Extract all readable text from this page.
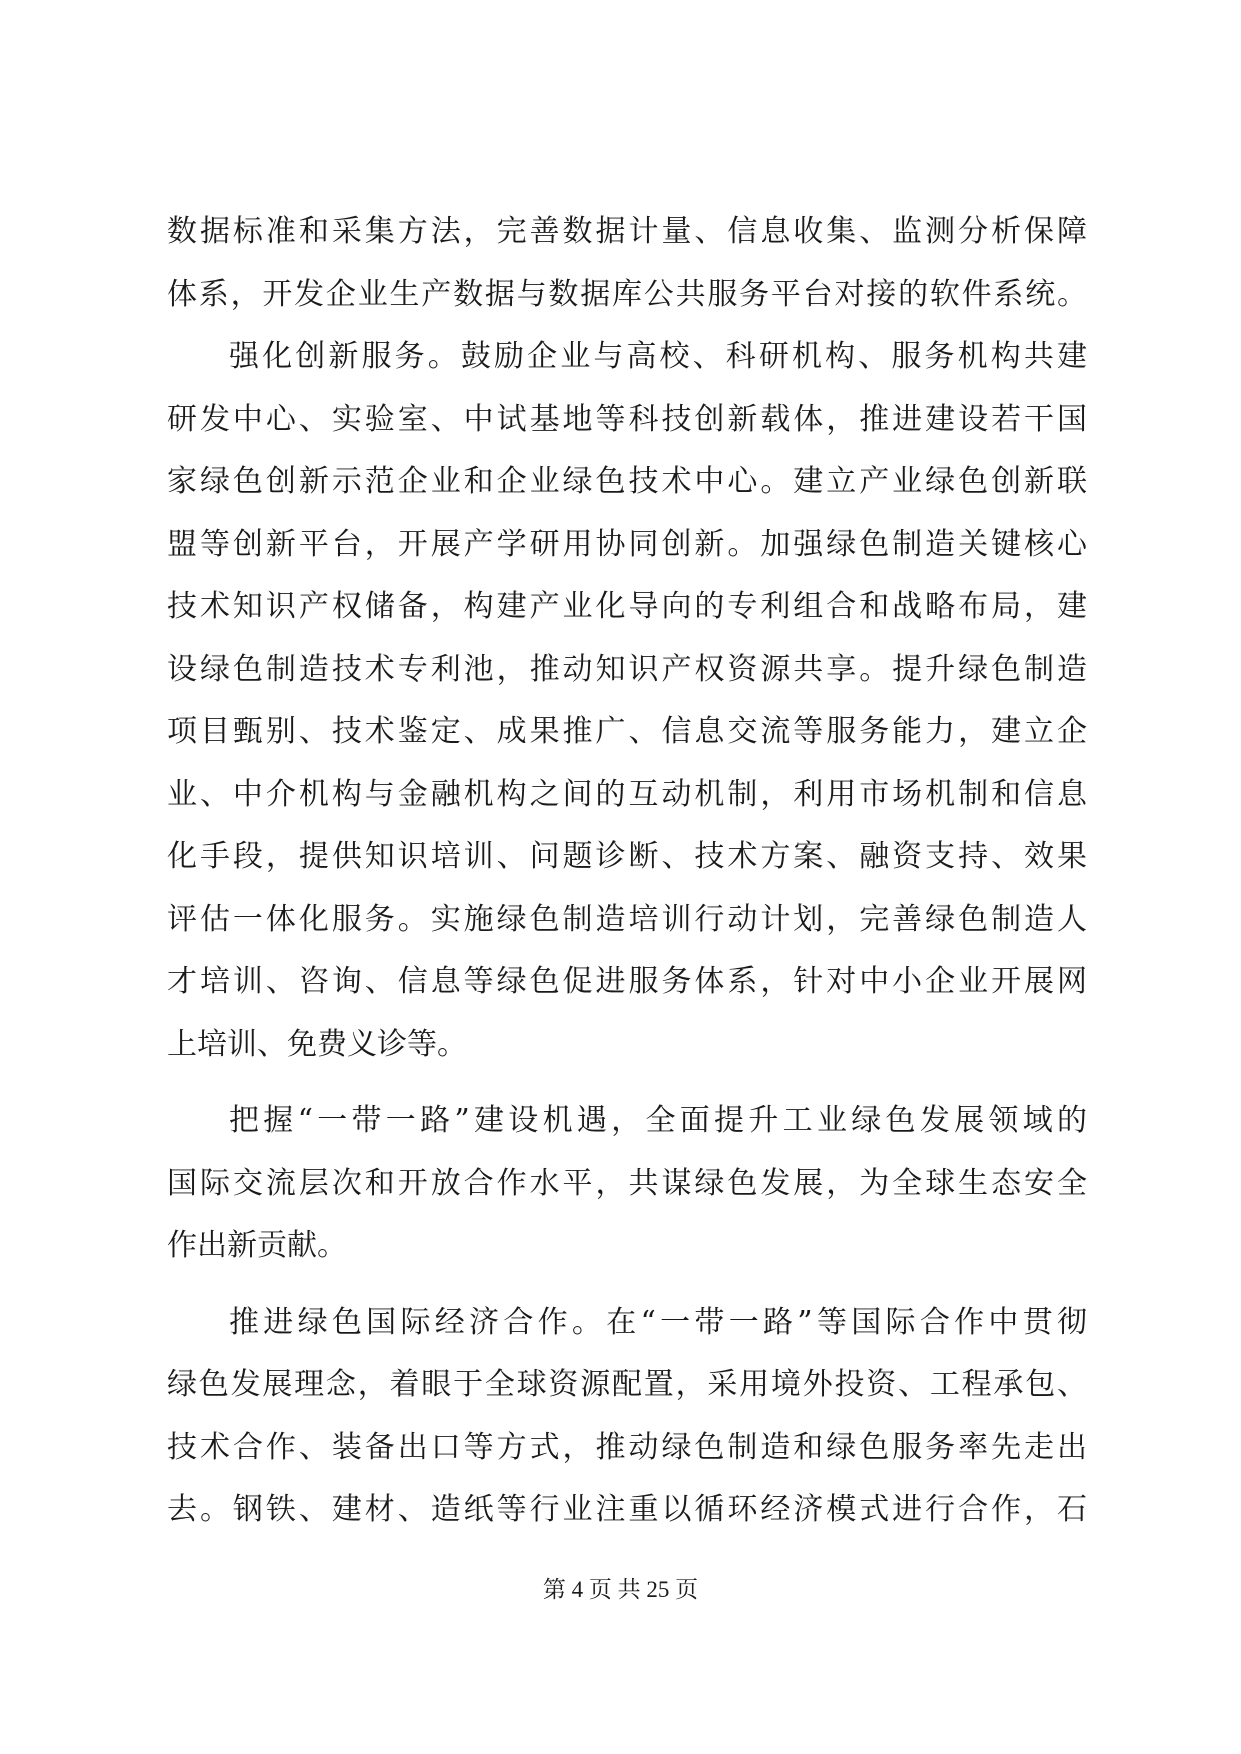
数据标准和采集方法，完善数据计量、信息收集、监测分析保障
体系，开发企业生产数据与数据库公共服务平台对接的软件系统。
强化创新服务。鼓励企业与高校、科研机构、服务机构共建
研发中心、实验室、中试基地等科技创新载体，推进建设若干国
家绿色创新示范企业和企业绿色技术中心。建立产业绿色创新联
盟等创新平台，开展产学研用协同创新。加强绿色制造关键核心
技术知识产权储备，构建产业化导向的专利组合和战略布局，建
设绿色制造技术专利池，推动知识产权资源共享。提升绿色制造
项目甄别、技术鉴定、成果推广、信息交流等服务能力，建立企
业、中介机构与金融机构之间的互动机制，利用市场机制和信息
化手段，提供知识培训、问题诊断、技术方案、融资支持、效果
评估一体化服务。实施绿色制造培训行动计划，完善绿色制造人
才培训、咨询、信息等绿色促进服务体系，针对中小企业开展网
上培训、免费义诊等。
把握“一带一路”建设机遇，全面提升工业绿色发展领域的
国际交流层次和开放合作水平，共谋绿色发展，为全球生态安全
作出新贡献。
推进绿色国际经济合作。在“一带一路”等国际合作中贯彻
绿色发展理念，着眼于全球资源配置，采用境外投资、工程承包、
技术合作、装备出口等方式，推动绿色制造和绿色服务率先走出
去。钢铁、建材、造纸等行业注重以循环经济模式进行合作，石
第 4 页 共 25 页
